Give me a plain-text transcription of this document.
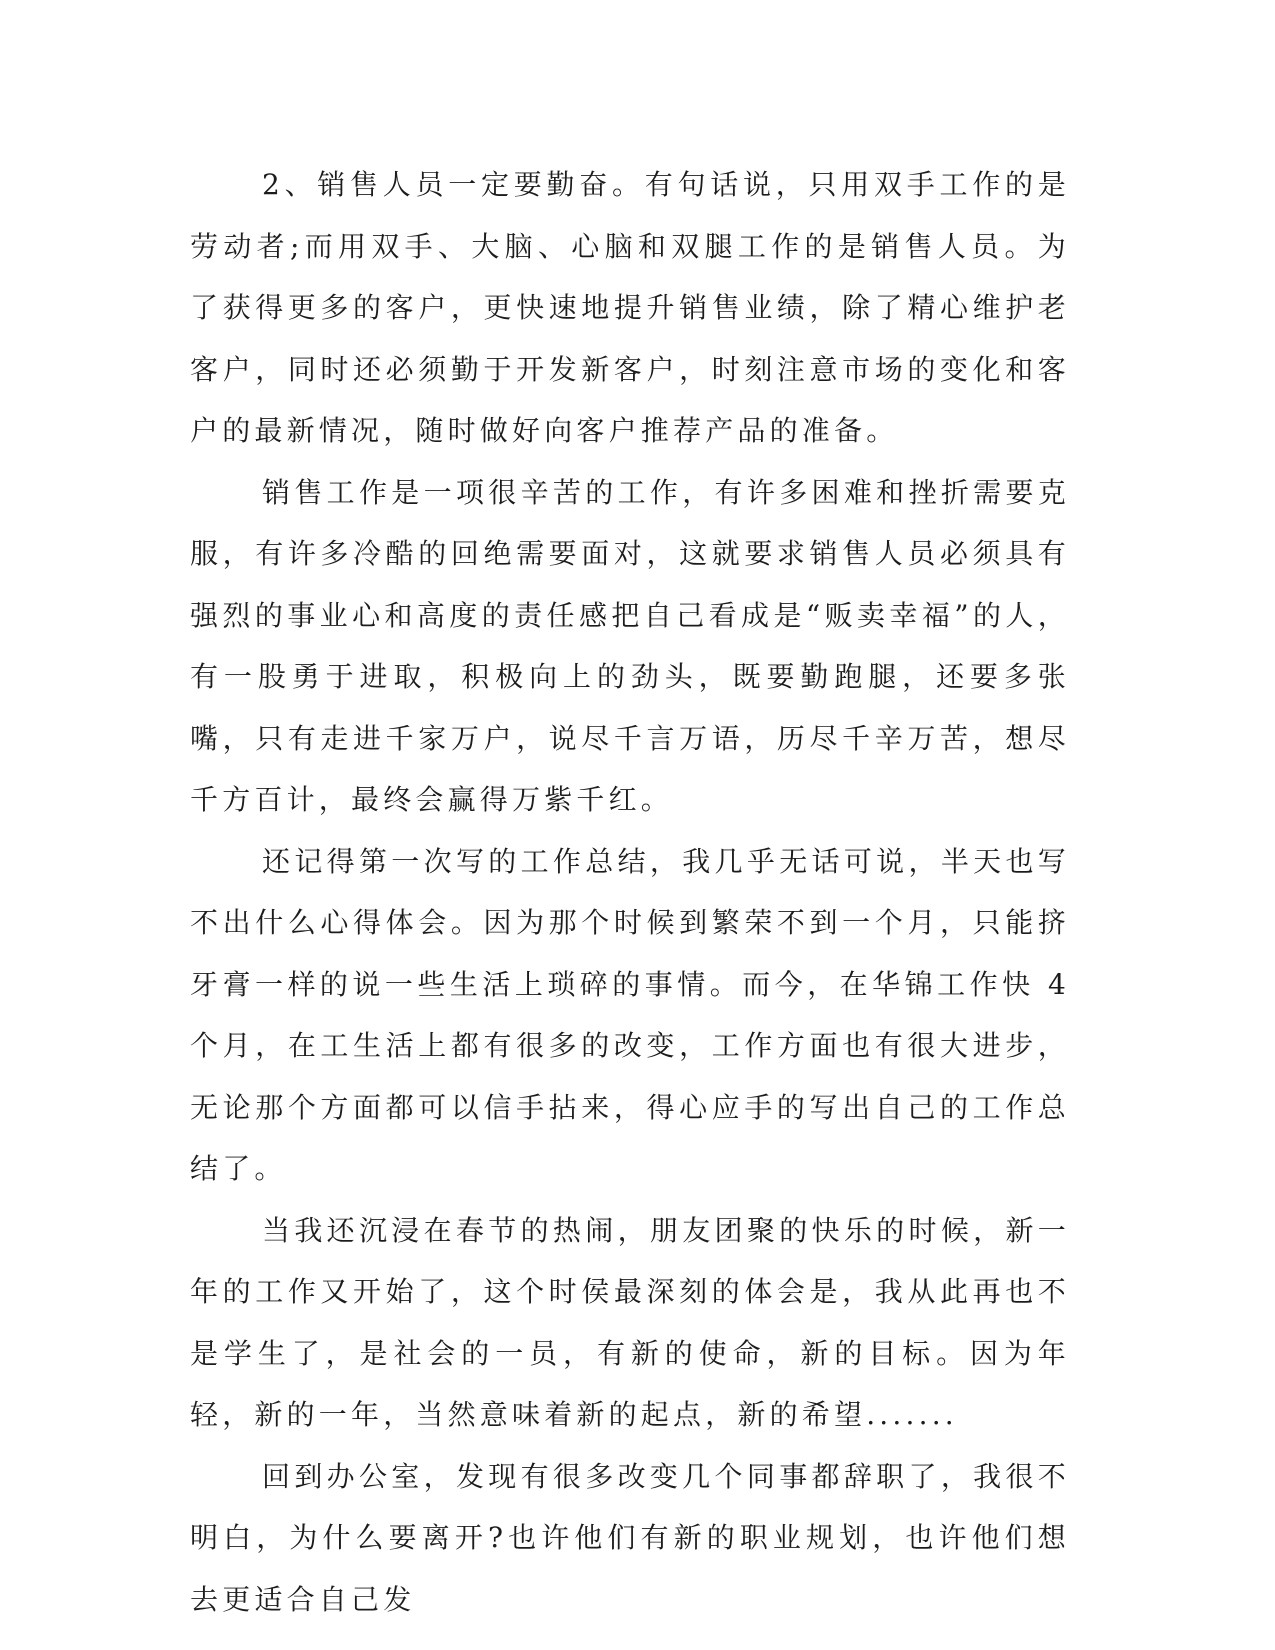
2、销售人员一定要勤奋。有句话说，只用双手工作的是劳动者;而用双手、大脑、心脑和双腿工作的是销售人员。为了获得更多的客户，更快速地提升销售业绩，除了精心维护老客户，同时还必须勤于开发新客户，时刻注意市场的变化和客户的最新情况，随时做好向客户推荐产品的准备。

销售工作是一项很辛苦的工作，有许多困难和挫折需要克服，有许多冷酷的回绝需要面对，这就要求销售人员必须具有强烈的事业心和高度的责任感把自己看成是“贩卖幸福”的人，有一股勇于进取，积极向上的劲头，既要勤跑腿，还要多张嘴，只有走进千家万户，说尽千言万语，历尽千辛万苦，想尽千方百计，最终会赢得万紫千红。

还记得第一次写的工作总结，我几乎无话可说，半天也写不出什么心得体会。因为那个时候到繁荣不到一个月，只能挤牙膏一样的说一些生活上琐碎的事情。而今，在华锦工作快 4 个月，在工生活上都有很多的改变，工作方面也有很大进步，无论那个方面都可以信手拈来，得心应手的写出自己的工作总结了。

当我还沉浸在春节的热闹，朋友团聚的快乐的时候，新一年的工作又开始了，这个时侯最深刻的体会是，我从此再也不是学生了，是社会的一员，有新的使命，新的目标。因为年轻，新的一年，当然意味着新的起点，新的希望.......

回到办公室，发现有很多改变几个同事都辞职了，我很不明白，为什么要离开?也许他们有新的职业规划，也许他们想去更适合自己发
